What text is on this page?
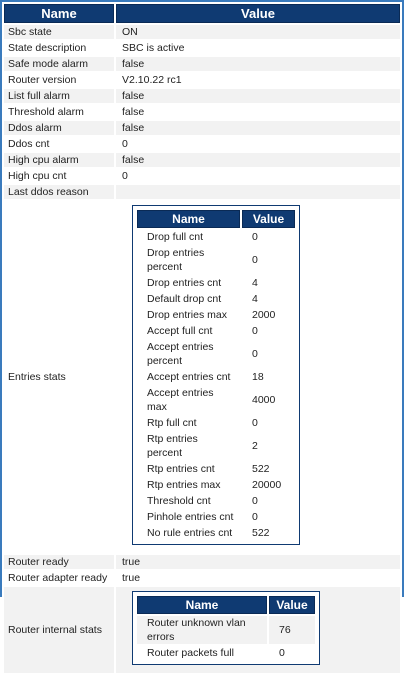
Name	Value
Sbc state	ON
State description	SBC is active
Safe mode alarm	false
Router version	V2.10.22 rc1
List full alarm	false
Threshold alarm	false
Ddos alarm	false
Ddos cnt	0
High cpu alarm	false
High cpu cnt	0
Last ddos reason	
Entries stats	
Name	Value
Drop full cnt	0
Drop entries percent	0
Drop entries cnt	4
Default drop cnt	4
Drop entries max	2000
Accept full cnt	0
Accept entries percent	0
Accept entries cnt	18
Accept entries max	4000
Rtp full cnt	0
Rtp entries percent	2
Rtp entries cnt	522
Rtp entries max	20000
Threshold cnt	0
Pinhole entries cnt	0
No rule entries cnt	522

Router ready	true
Router adapter ready	true
Router internal stats	
Name	Value
Router unknown vlan errors	76
Router packets full	0
